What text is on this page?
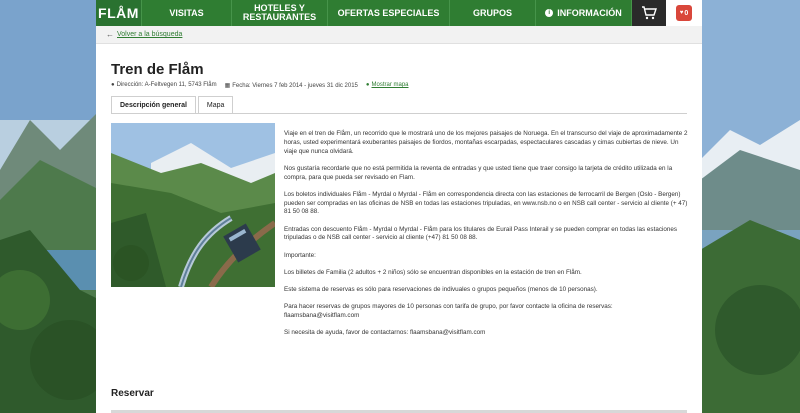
FLÅM	VISITAS	HOTELES Y RESTAURANTES	OFERTAS ESPECIALES	GRUPOS	i INFORMACIÓN	♥ 0
← Volver a la búsqueda
Tren de Flåm
● Dirección: A-Feltvegen 11, 5743 Flåm ▦ Fecha: Viernes 7 feb 2014 - jueves 31 dic 2015 ● Mostrar mapa
Descripción general	Mapa

Viaje en el tren de Flåm, un recorrido que le mostrará uno de los mejores paisajes de Noruega. En el transcurso del viaje de aproximadamente 2 horas, usted experimentará exuberantes paisajes de fiordos, montañas escarpadas, espectaculares cascadas y cimas cubiertas de nieve. Un viaje que nunca olvidará.

Nos gustaría recordarle que no está permitida la reventa de entradas y que usted tiene que traer consigo la tarjeta de crédito utilizada en la compra, para que pueda ser revisado en Flam.

Los boletos individuales Flåm - Myrdal o Myrdal - Flåm en correspondencia directa con las estaciones de ferrocarril de Bergen (Oslo - Bergen) pueden ser compradas en las oficinas de NSB en todas las estaciones tripuladas, en www.nsb.no o en NSB call center - servicio al cliente (+ 47) 81 50 08 88.

Entradas con descuento Flåm - Myrdal o Myrdal - Flåm para los titulares de Eurail Pass Interail y se pueden comprar en todas las estaciones tripuladas o de NSB call center - servicio al cliente (+47) 81 50 08 88.

Importante:

Los billetes de Familia (2 adultos + 2 niños) sólo se encuentran disponibles en la estación de tren en Flåm.

Este sistema de reservas es sólo para reservaciones de indivuales o grupos pequeños (menos de 10 personas).

Para hacer reservas de grupos mayores de 10 personas con tarifa de grupo, por favor contacte la oficina de reservas: flaamsbana@visitflam.com

Si necesita de ayuda, favor de contactarnos: flaamsbana@visitflam.com

Reservar
